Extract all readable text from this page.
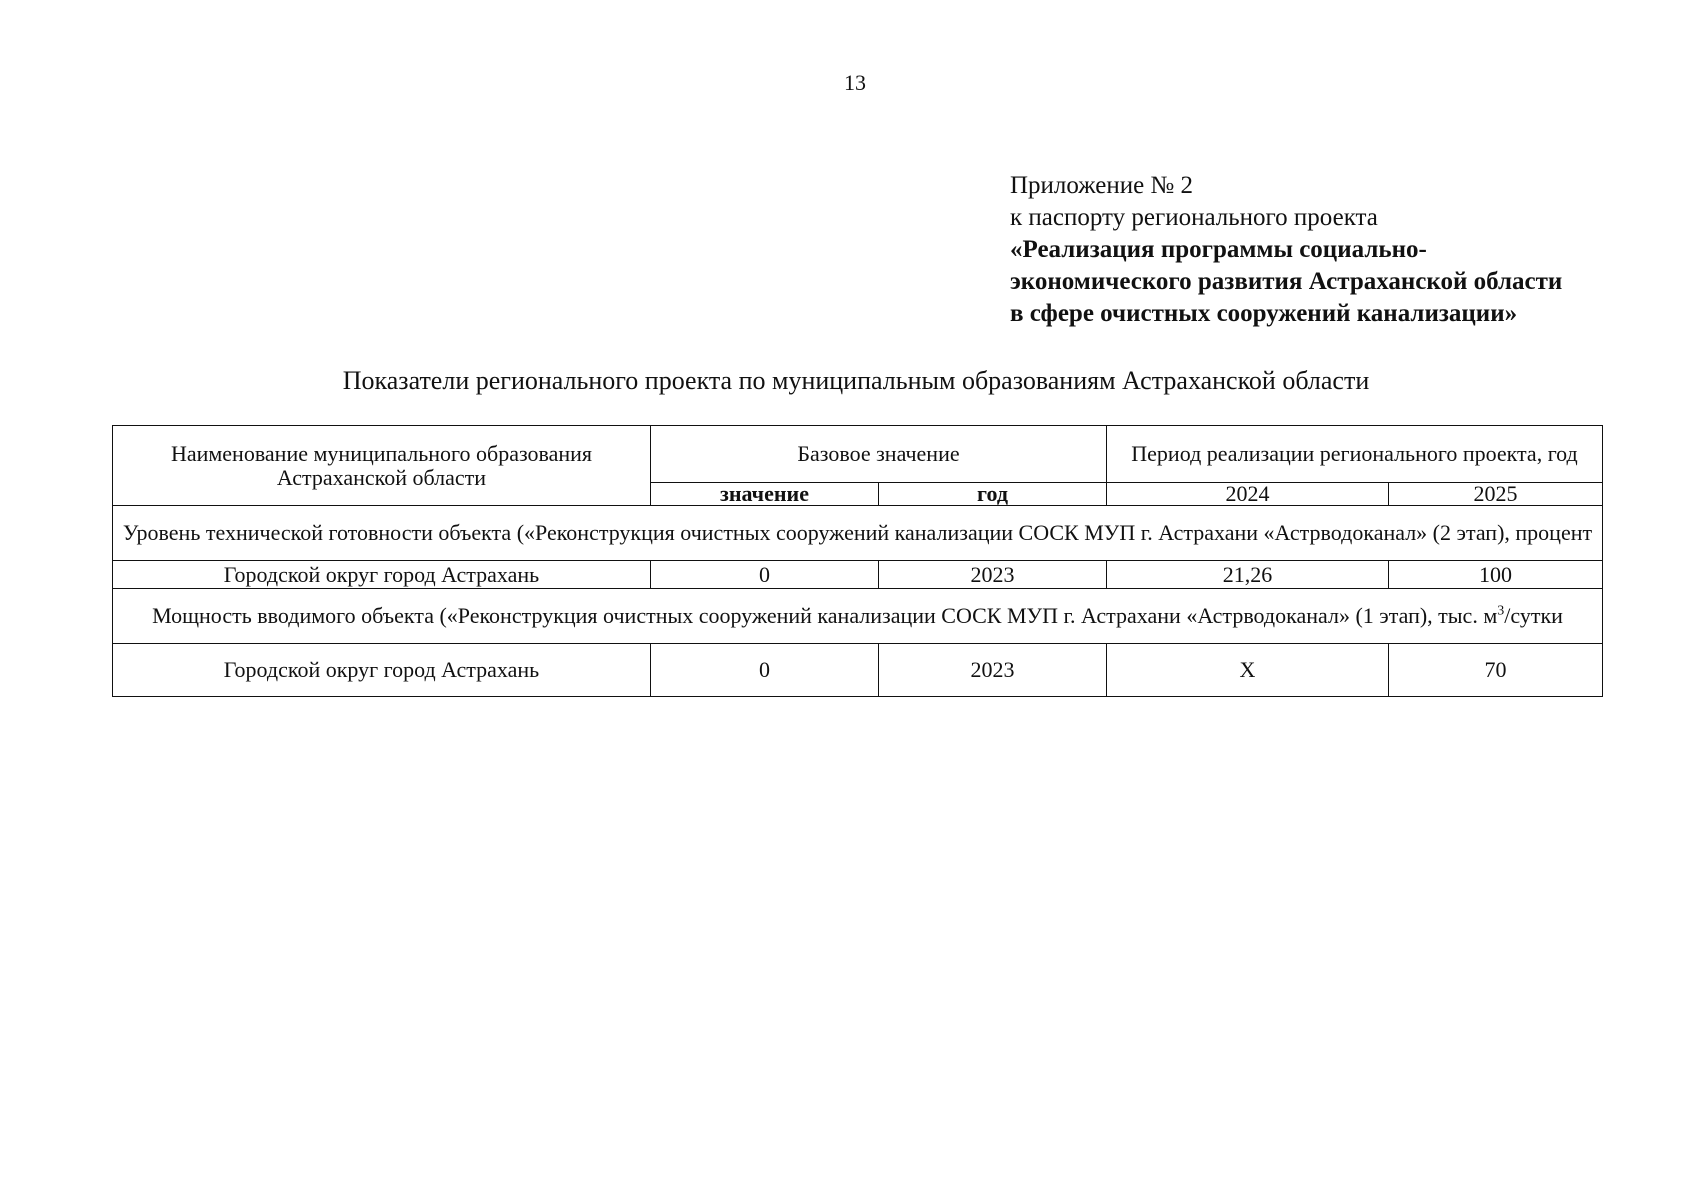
13
Приложение № 2
к паспорту регионального проекта
«Реализация программы социально-
экономического развития Астраханской области
в сфере очистных сооружений канализации»
Показатели регионального проекта по муниципальным образованиям Астраханской области
Наименование муниципального образования Астраханской области	Базовое значение		Период реализации регионального проекта, год	
	значение	год	2024	2025
Уровень технической готовности объекта («Реконструкция очистных сооружений канализации СОСК МУП г. Астрахани «Астрводоканал» (2 этап), процент				
Городской округ город Астрахань	0	2023	21,26	100
Мощность вводимого объекта («Реконструкция очистных сооружений канализации СОСК МУП г. Астрахани «Астрводоканал» (1 этап), тыс. $м^3$/сутки				
Городской округ город Астрахань	0	2023	X	70
